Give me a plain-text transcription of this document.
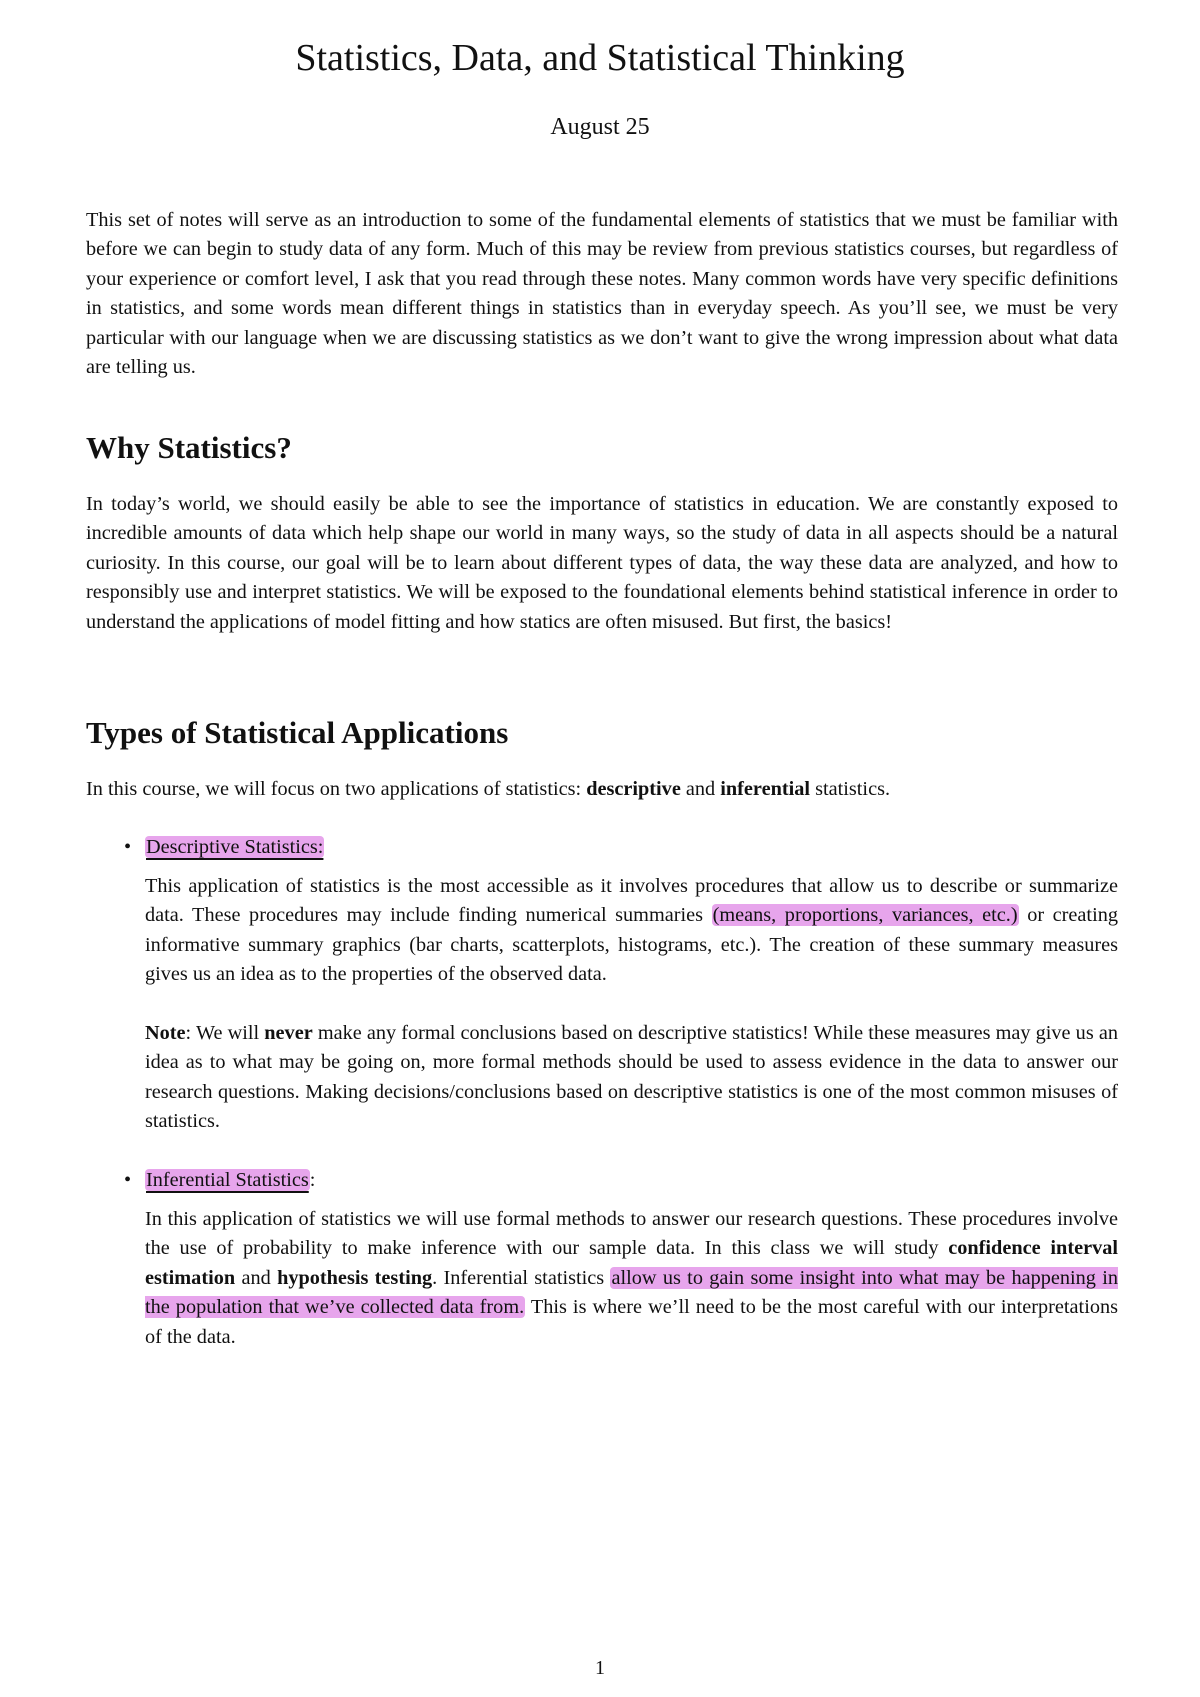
Statistics, Data, and Statistical Thinking
August 25

This set of notes will serve as an introduction to some of the fundamental elements of statistics that we must be familiar with before we can begin to study data of any form. Much of this may be review from previous statistics courses, but regardless of your experience or comfort level, I ask that you read through these notes. Many common words have very specific definitions in statistics, and some words mean different things in statistics than in everyday speech. As you’ll see, we must be very particular with our language when we are discussing statistics as we don’t want to give the wrong impression about what data are telling us.

Why Statistics?

In today’s world, we should easily be able to see the importance of statistics in education. We are constantly exposed to incredible amounts of data which help shape our world in many ways, so the study of data in all aspects should be a natural curiosity. In this course, our goal will be to learn about different types of data, the way these data are analyzed, and how to responsibly use and interpret statistics. We will be exposed to the foundational elements behind statistical inference in order to understand the applications of model fitting and how statics are often misused. But first, the basics!

Types of Statistical Applications

In this course, we will focus on two applications of statistics: descriptive and inferential statistics.

• Descriptive Statistics:

This application of statistics is the most accessible as it involves procedures that allow us to describe or summarize data. These procedures may include finding numerical summaries (means, proportions, variances, etc.) or creating informative summary graphics (bar charts, scatterplots, histograms, etc.). The creation of these summary measures gives us an idea as to the properties of the observed data.

Note: We will never make any formal conclusions based on descriptive statistics! While these measures may give us an idea as to what may be going on, more formal methods should be used to assess evidence in the data to answer our research questions. Making decisions/conclusions based on descriptive statistics is one of the most common misuses of statistics.

• Inferential Statistics:

In this application of statistics we will use formal methods to answer our research questions. These procedures involve the use of probability to make inference with our sample data. In this class we will study confidence interval estimation and hypothesis testing. Inferential statistics allow us to gain some insight into what may be happening in the population that we’ve collected data from. This is where we’ll need to be the most careful with our interpretations of the data.

1
